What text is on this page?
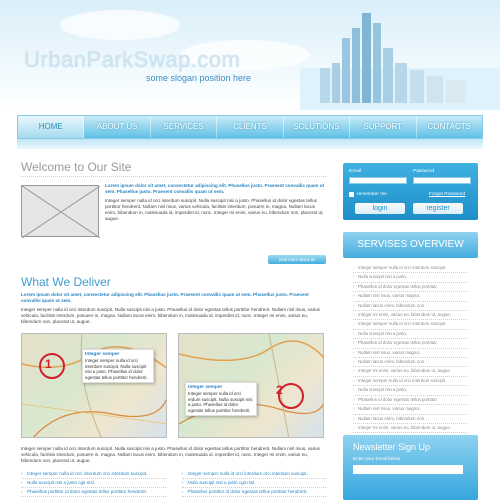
UrbanParkSwap.com
some slogan position here
HOME	ABOUT US	SERVICES	CLIENTS	SOLUTIONS	SUPPORT	CONTACTS
Welcome to Our Site
Lorem ipsum dolor sit amet, consectetur adipiscing elit. Phasellus justo. Praesent convallis quam ut sem. Phasellus justo. Praesent convallis quam ut sem.
Integer semper nulla id orci interdum suscipit. Nulla suscipit nisi a justo. Phasellus id dolor egestas tellus porttitor hendrerit. Nullam nisl risus, varius vehicula, facilisis interdum, posuere in, magna. Nullam lacus enim, bibendum in, malesuada id, imperdiet id, nunc. Integer mi enim, varius eu, bibendum non, placerat ut, augue.
read more about us
What We Deliver
Lorem ipsum dolor sit amet, consectetur adipiscing elit. Phasellus justo. Praesent convallis quam ut sem. Phasellus justo. Praesent convallis quam ut sem.
Integer semper nulla id orci interdum suscipit. Nulla suscipit nisi a justo. Phasellus id dolor egestas tellus porttitor hendrerit. Nullam nisl risus, varius vehicula, facilisis interdum, posuere in, magna. Nullam lacus enim, bibendum in, malesuada id, imperdiet id, nunc. Integer mi enim, varius eu, bibendum non, placerat ut, augue.
1
Integer semper
Integer semper nulla id orci interdum suscipit. Nulla suscipit nisi a justo. Phasellus id dolor egestas tellus porttitor hendrerit.
2
Integer semper
Integer semper nulla id orci erdum suscipit. Nulla suscipit nisi a justo. Phasellus id dolor egestas tellus porttitor hendrerit.
Integer semper nulla id orci interdum suscipit. Nulla suscipit nisi a justo. Phasellus id dolor egestas tellus porttitor hendrerit. Nullam nisl risus, varius vehicula, facilisis interdum, posuere in, magna. Nullam lacus enim, bibendum in, malesuada id, imperdiet id, nunc. Integer mi enim, varius eu, bibendum non, placerat ut, augue.
› Integer semper nulla id orci interdum orci interdum suscipit.
› Nulla suscipit nisi a justo cgit nisl.
› Phasellus porttitor id dolor egestas tellus porttitor hendrerit.
› Integer semper nulla id orci interdum orci interdum suscipit.
› Nulla suscipit nisi a justo cgit nisl.
› Phasellus porttitor id dolor egestas tellus porttitor hendrerit.
Email	Password
remember me	Forgot Password
login	register
SERVISES OVERVIEW
› Integer semper nulla id orci interdum suscipit.
› Nulla suscipit nisi a justo.
› Phasellus id dolor egestas tellus porttitor.
› Nullam nisl risus, varius magna;
› Nullam lacus enim, bibendum non.
› Integer mi enim, varius eu, bibendum ut, augue.
› Integer semper nulla id orci interdum suscipit.
› Nulla suscipit nisi a justo.
› Phasellus id dolor egestas tellus porttitor.
› Nullam nisl risus, varius magna;
› Nullam lacus enim, bibendum non.
› Integer mi enim, varius eu, bibendum ut, augue.
› Integer semper nulla id orci interdum suscipit.
› Nulla suscipit nisi a justo.
› Phasellus id dolor egestas tellus porttitor.
› Nullam nisl risus, varius magna;
› Nullam lacus enim, bibendum non.
› Integer mi enim, varius eu, bibendum ut, augue.
Newsletter Sign Up
Enter your Email below
